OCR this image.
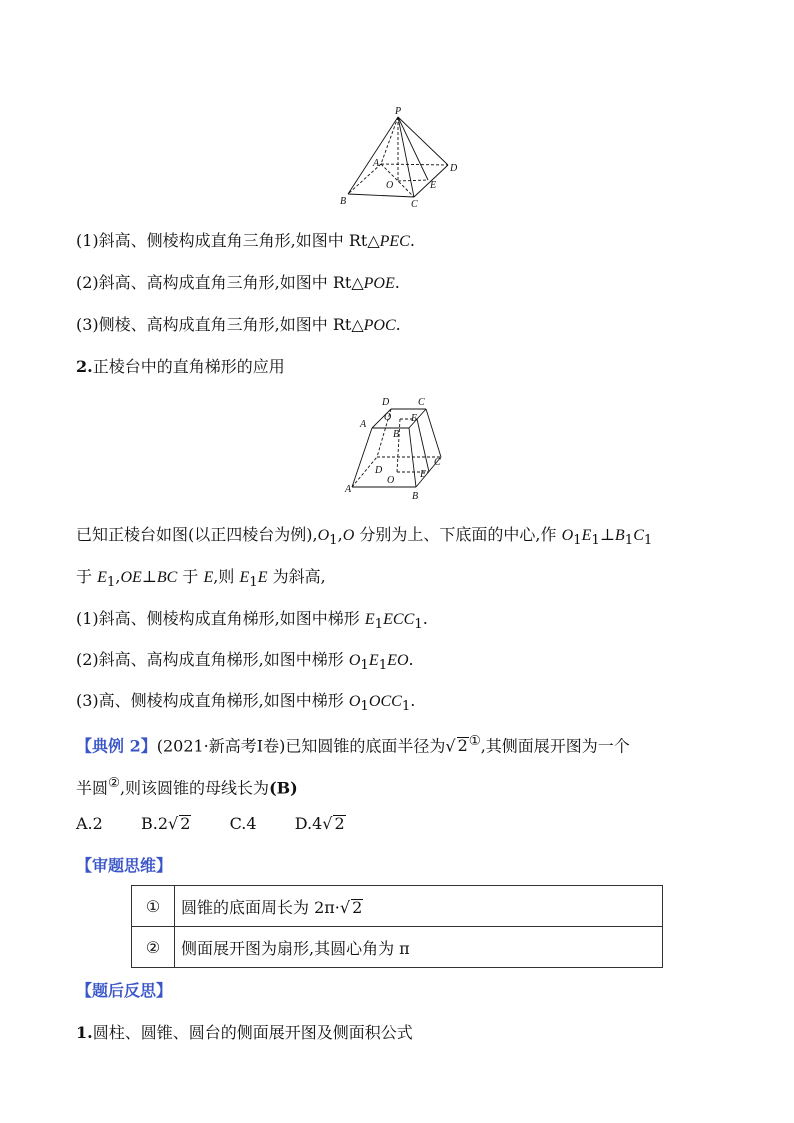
P
A	D
O	E
B	C
(1)斜高、侧棱构成直角三角形,如图中 Rt△PEC.
(2)斜高、高构成直角三角形,如图中 Rt△POE.
(3)侧棱、高构成直角三角形,如图中 Rt△POC.
2.正棱台中的直角梯形的应用
D	C
O E
A
B
C
D
O
E
A
B
已知正棱台如图(以正四棱台为例)$,O_1,O$ 分别为上、下底面的中心,作 $O_1E_1\perp B_1C_1$
于 $E_1,OE\perp BC$ 于 E,则 $E_1E$ 为斜高,
(1)斜高、侧棱构成直角梯形,如图中梯形 $E_1ECC_1$.
(2)斜高、高构成直角梯形,如图中梯形 $O_1E_1EO$.
(3)高、侧棱构成直角梯形,如图中梯形 $O_1OCC_1$.
【典例 2】(2021·新高考Ⅰ卷)已知圆锥的底面半径为√ 2①,其侧面展开图为一个
半圆②,则该圆锥的母线长为(B)
A.2 B.2√ 2 C.4 D.4√ 2
【审题思维】
①	圆锥的底面周长为 2π·√ 2
②	侧面展开图为扇形,其圆心角为 π
【题后反思】
1.圆柱、圆锥、圆台的侧面展开图及侧面积公式
